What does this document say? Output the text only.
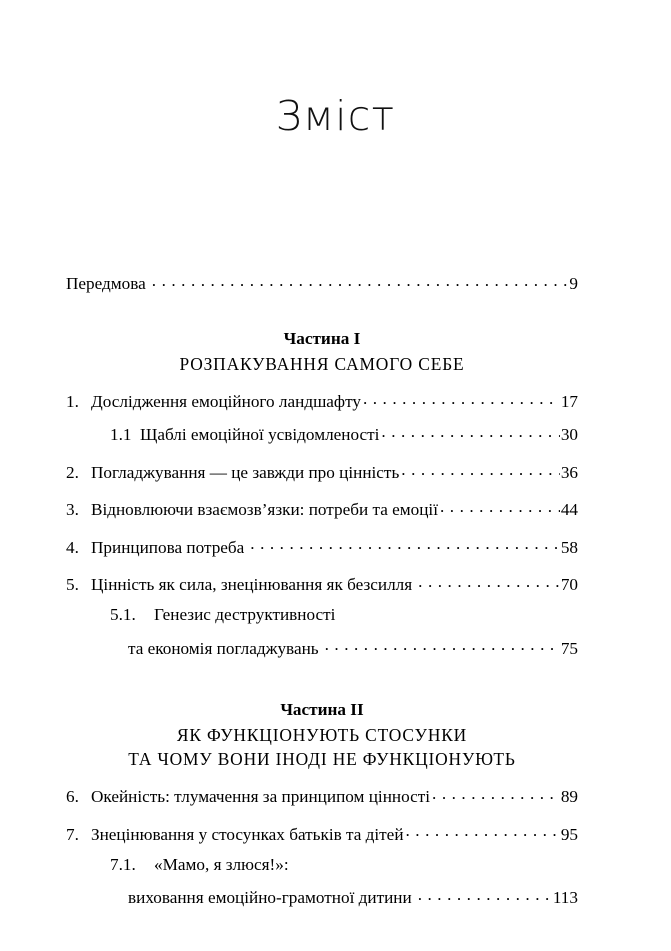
Зміст
Передмова . . .	9
Частина I
РОЗПАКУВАННЯ САМОГО СЕБЕ
1. Дослідження емоційного ландшафту . . .	17
1.1 Щаблі емоційної усвідомленості . . .	30
2. Погладжування — це завжди про цінність . . .	36
3. Відновлюючи взаємозв’язки: потреби та емоції . . .	44
4. Принципова потреба . . .	58
5. Цінність як сила, знецінювання як безсилля . . .	70
5.1.	Генезис деструктивності
та економія погладжувань . . .	75
Частина II
ЯК ФУНКЦІОНУЮТЬ СТОСУНКИ
ТА ЧОМУ ВОНИ ІНОДІ НЕ ФУНКЦІОНУЮТЬ
6. Окейність: тлумачення за принципом цінності . . .	89
7. Знецінювання у стосунках батьків та дітей . . .	95
7.1.	«Мамо, я злюся!»:
виховання емоційно-грамотної дитини . . .	113
